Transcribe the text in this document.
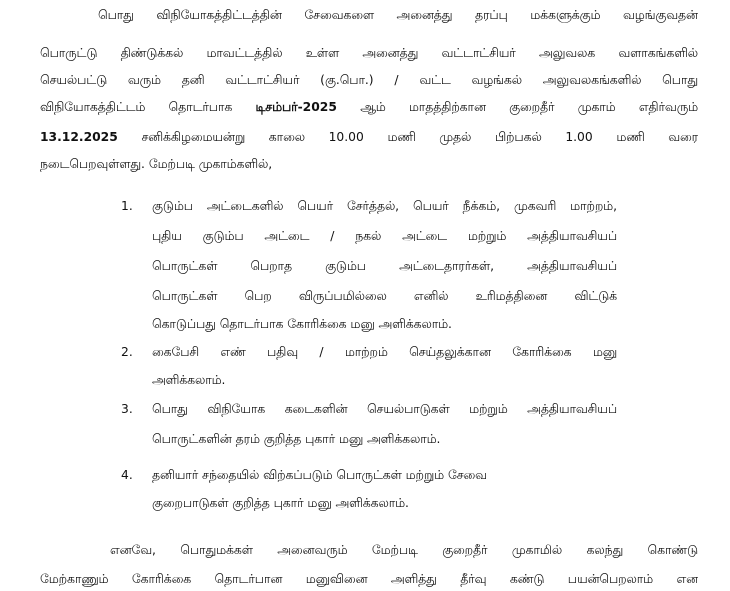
பொது விநியோகத்திட்டத்தின் சேவைகளை அனைத்து தரப்பு மக்களுக்கும் வழங்குவதன்
பொருட்டு திண்டுக்கல் மாவட்டத்தில் உள்ள அனைத்து வட்டாட்சியர் அலுவலக வளாகங்களில்
செயல்பட்டு வரும் தனி வட்டாட்சியர் (கு.பொ.) / வட்ட வழங்கல் அலுவலகங்களில் பொது
விநியோகத்திட்டம் தொடர்பாக டிசம்பர்-2025 ஆம் மாதத்திற்கான குறைதீர் முகாம் எதிர்வரும்
13.12.2025 சனிக்கிழமையன்று காலை 10.00 மணி முதல் பிற்பகல் 1.00 மணி வரை
நடைபெறவுள்ளது. மேற்படி முகாம்களில்,
1. குடும்ப அட்டைகளில் பெயர் சேர்த்தல், பெயர் நீக்கம், முகவரி மாற்றம்,
புதிய குடும்ப அட்டை / நகல் அட்டை மற்றும் அத்தியாவசியப்
பொருட்கள் பெறாத குடும்ப அட்டைதாரர்கள், அத்தியாவசியப்
பொருட்கள் பெற விருப்பமில்லை எனில் உரிமத்தினை விட்டுக்
கொடுப்பது தொடர்பாக கோரிக்கை மனு அளிக்கலாம்.
2. கைபேசி எண் பதிவு / மாற்றம் செய்தலுக்கான கோரிக்கை மனு
அளிக்கலாம்.
3. பொது விநியோக கடைகளின் செயல்பாடுகள் மற்றும் அத்தியாவசியப்
பொருட்களின் தரம் குறித்த புகார் மனு அளிக்கலாம்.
4. தனியார் சந்தையில் விற்கப்படும் பொருட்கள் மற்றும் சேவை
குறைபாடுகள் குறித்த புகார் மனு அளிக்கலாம்.
எனவே, பொதுமக்கள் அனைவரும் மேற்படி குறைதீர் முகாமில் கலந்து கொண்டு
மேற்காணும் கோரிக்கை தொடர்பான மனுவினை அளித்து தீர்வு கண்டு பயன்பெறலாம் என
